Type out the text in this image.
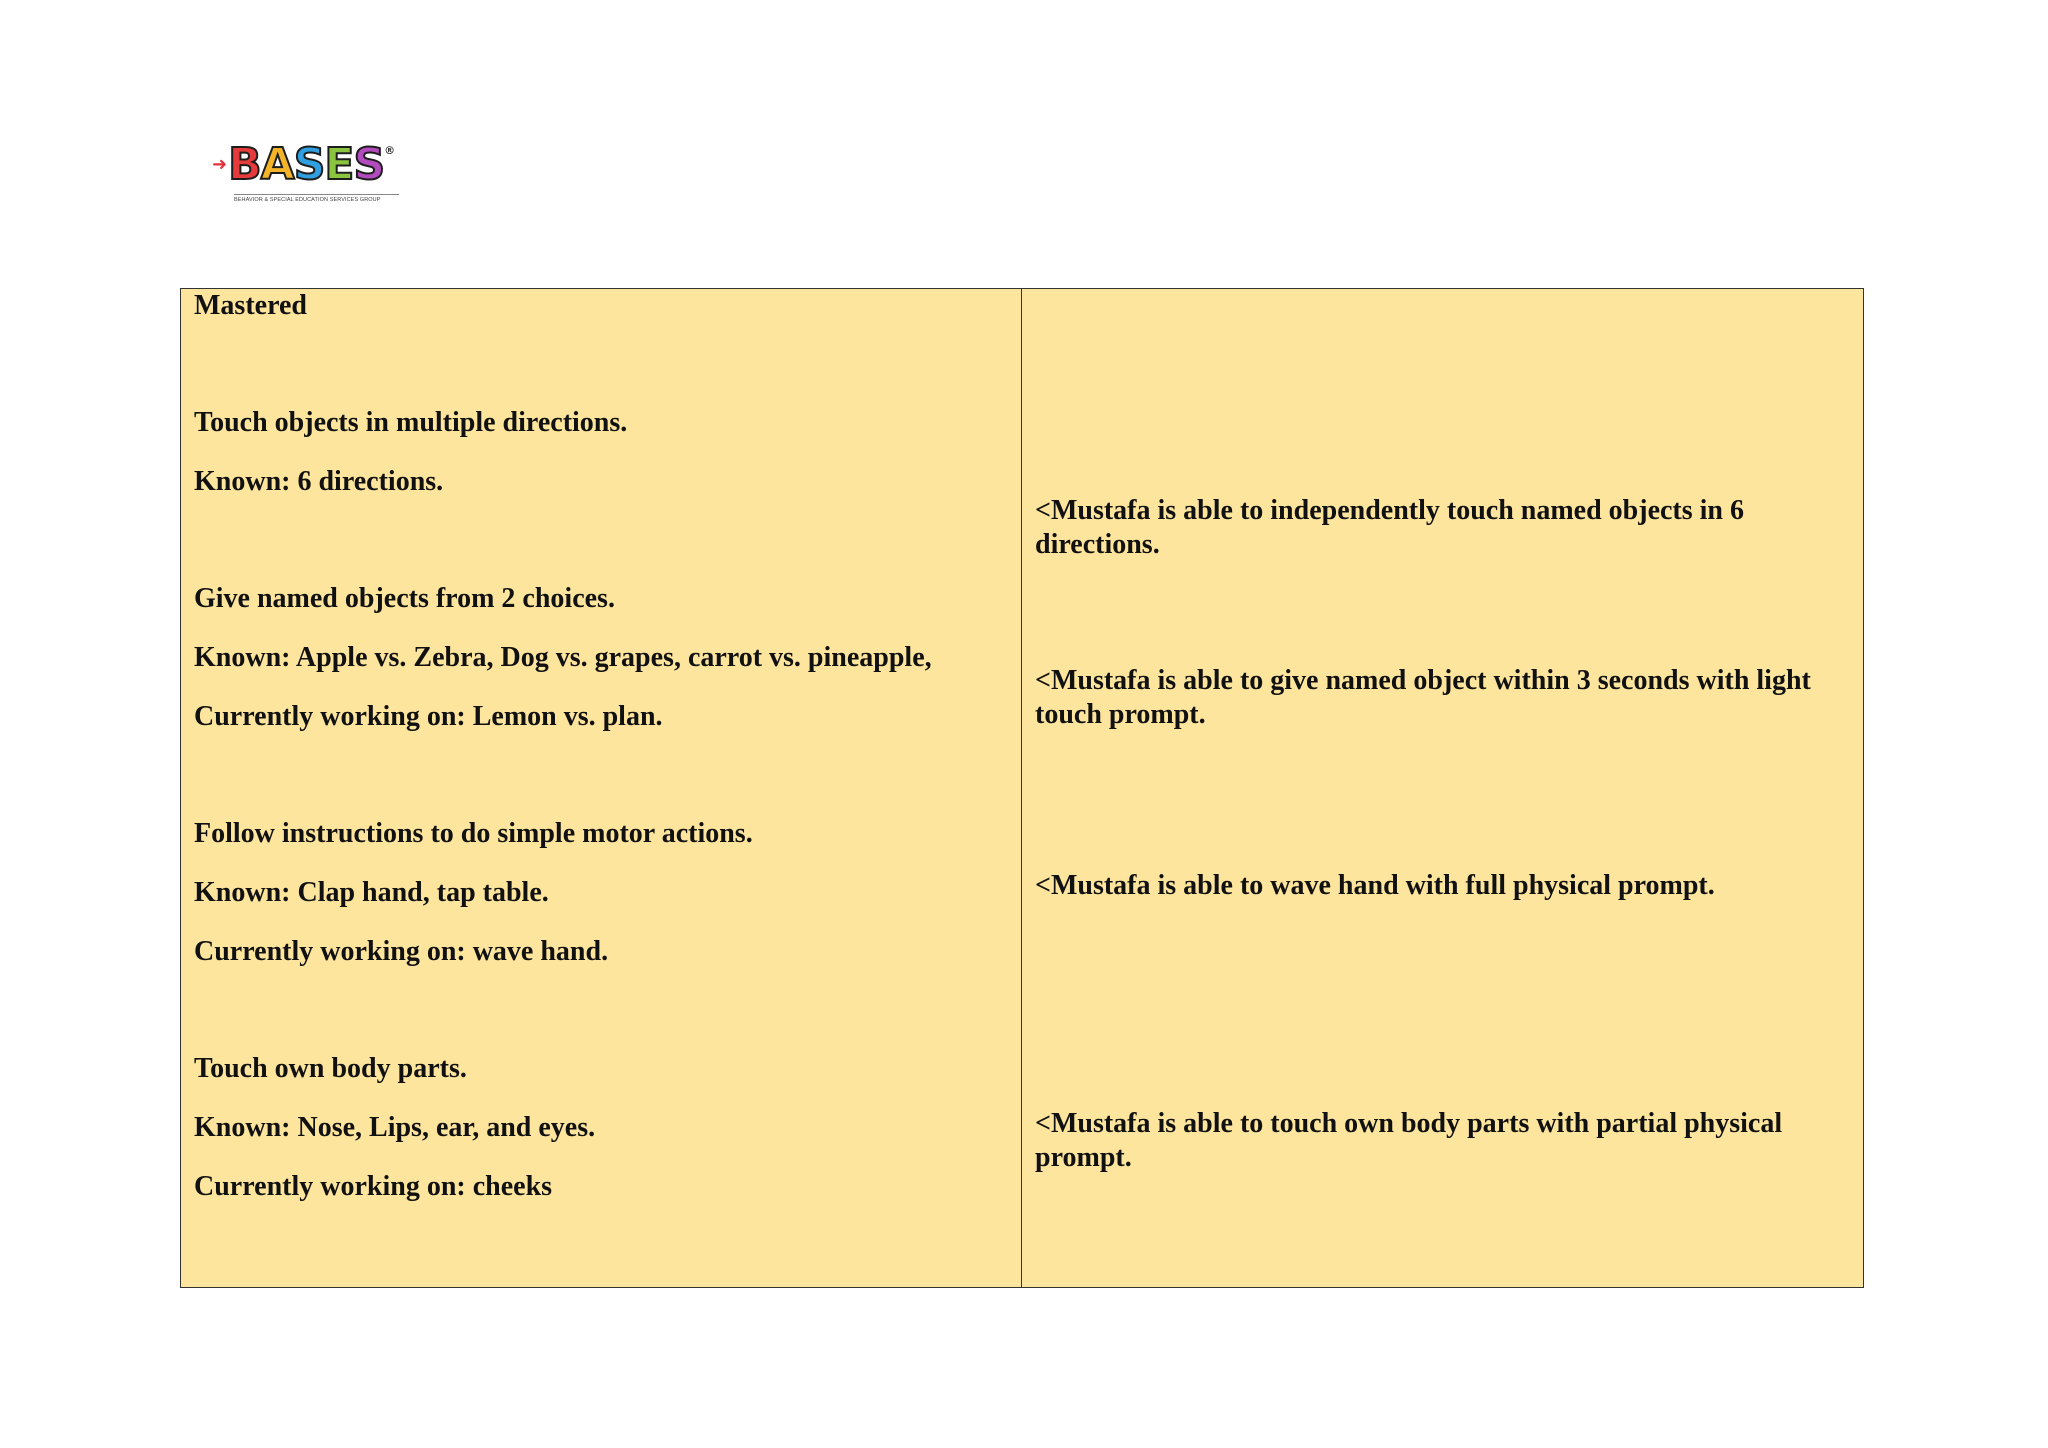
➜ B A S E S ®
BEHAVIOR & SPECIAL EDUCATION SERVICES GROUP
Mastered
Touch objects in multiple directions.
Known: 6 directions.
Give named objects from 2 choices.
Known: Apple vs. Zebra, Dog vs. grapes, carrot vs. pineapple,
Currently working on: Lemon vs. plan.
Follow instructions to do simple motor actions.
Known: Clap hand, tap table.
Currently working on: wave hand.
Touch own body parts.
Known: Nose, Lips, ear, and eyes.
Currently working on: cheeks
<Mustafa is able to independently touch named objects in 6 directions.
<Mustafa is able to give named object within 3 seconds with light touch prompt.
<Mustafa is able to wave hand with full physical prompt.
<Mustafa is able to touch own body parts with partial physical prompt.
